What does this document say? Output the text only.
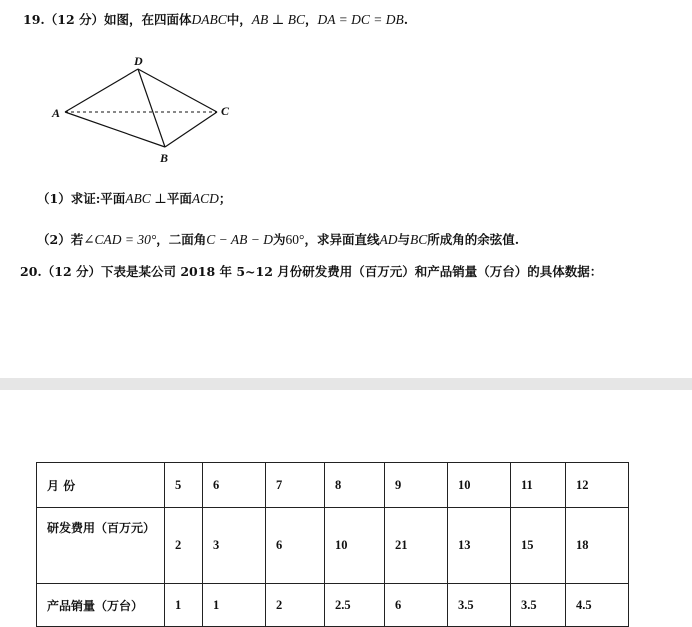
19.（12 分）如图，在四面体DABC中，AB ⊥ BC，DA = DC = DB.
D
A	C
B
（1）求证:平面ABC ⊥平面ACD；
（2）若∠CAD = 30°，二面角C − AB − D为60°，求异面直线AD与BC所成角的余弦值.
20.（12 分）下表是某公司 2018 年 5~12 月份研发费用（百万元）和产品销量（万台）的具体数据：
月 份	5	6	7	8	9	10	11	12
研发费用（百万元）	2	3	6	10	21	13	15	18
产品销量（万台）	1	1	2	2.5	6	3.5	3.5	4.5
